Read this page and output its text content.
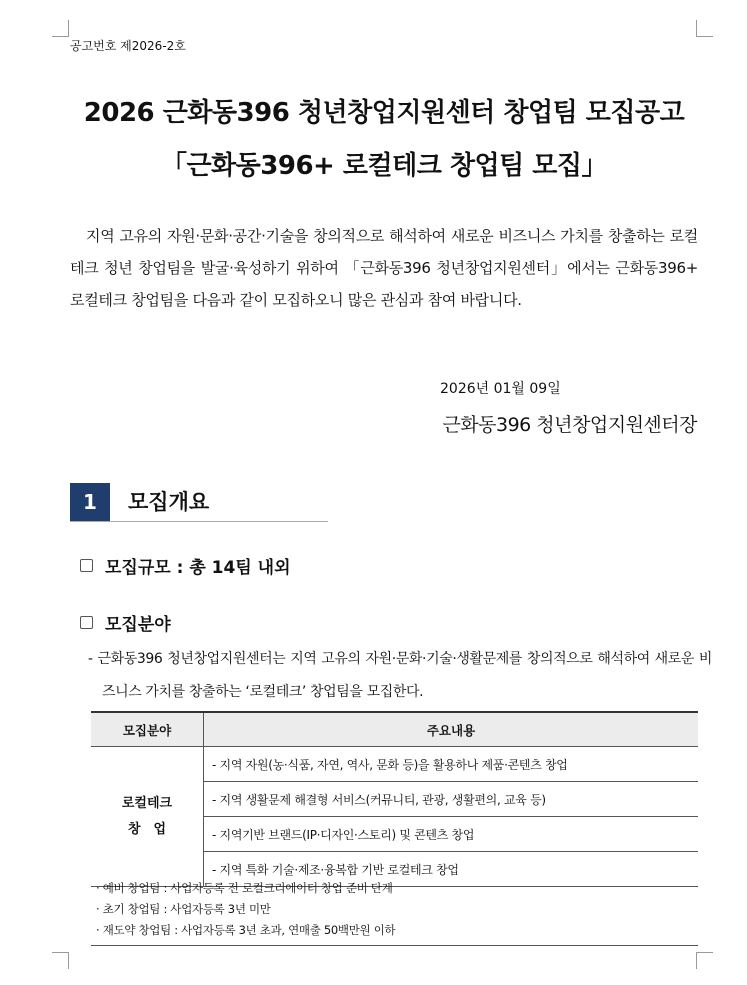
공고번호 제2026-2호
2026 근화동396 청년창업지원센터 창업팀 모집공고
「근화동396+ 로컬테크 창업팀 모집」

지역 고유의 자원·문화·공간·기술을 창의적으로 해석하여 새로운 비즈니스 가치를 창출하는 로컬테크 청년 창업팀을 발굴·육성하기 위하여 「근화동396 청년창업지원센터」에서는 근화동396+ 로컬테크 창업팀을 다음과 같이 모집하오니 많은 관심과 참여 바랍니다.

2026년 01월 09일
근화동396 청년창업지원센터장
1	모집개요
모집규모 : 총 14팀 내외
모집분야
- 근화동396 청년창업지원센터는 지역 고유의 자원·문화·기술·생활문제를 창의적으로 해석하여 새로운 비즈니스 가치를 창출하는 ‘로컬테크’ 창업팀을 모집한다.
모집분야	주요내용
로컬테크
창　업	- 지역 자원(농·식품, 자연, 역사, 문화 등)을 활용하나 제품·콘텐츠 창업
	- 지역 생활문제 해결형 서비스(커뮤니티, 관광, 생활편의, 교육 등)
	- 지역기반 브랜드(IP·디자인·스토리) 및 콘텐츠 창업
	- 지역 특화 기술·제조·융복합 기반 로컬테크 창업
· 예비 창업팀 : 사업자등록 전 로컬크리에이터 창업 준비 단계
· 초기 창업팀 : 사업자등록 3년 미만
· 재도약 창업팀 : 사업자등록 3년 초과, 연매출 50백만원 이하
